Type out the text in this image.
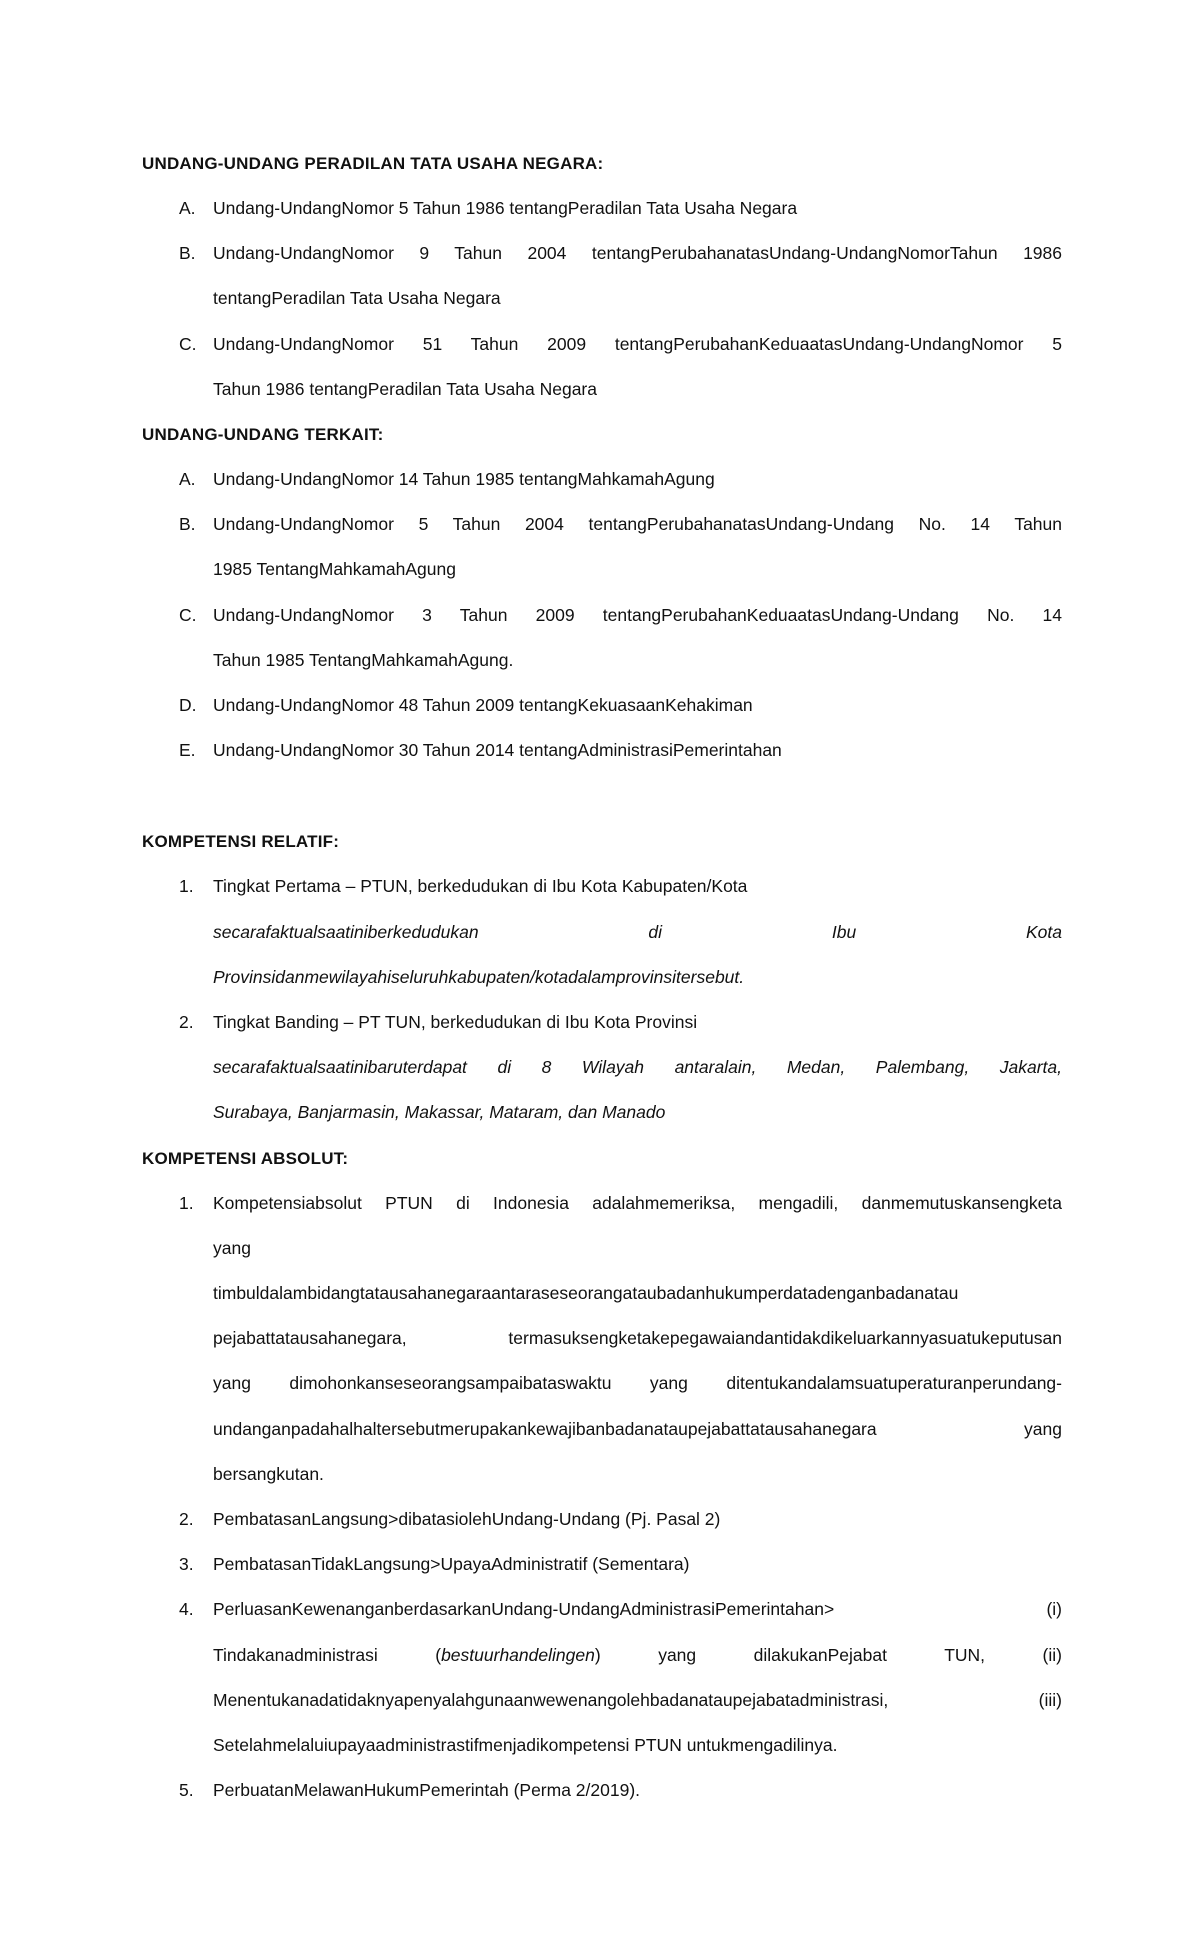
UNDANG-UNDANG PERADILAN TATA USAHA NEGARA:

A. Undang-UndangNomor 5 Tahun 1986 tentangPeradilan Tata Usaha Negara
B. Undang-UndangNomor 9 Tahun 2004 tentangPerubahanatasUndang-UndangNomorTahun 1986
tentangPeradilan Tata Usaha Negara
C. Undang-UndangNomor 51 Tahun 2009 tentangPerubahanKeduaatasUndang-UndangNomor 5
Tahun 1986 tentangPeradilan Tata Usaha Negara

UNDANG-UNDANG TERKAIT:

A. Undang-UndangNomor 14 Tahun 1985 tentangMahkamahAgung
B. Undang-UndangNomor 5 Tahun 2004 tentangPerubahanatasUndang-Undang No. 14 Tahun
1985 TentangMahkamahAgung
C. Undang-UndangNomor 3 Tahun 2009 tentangPerubahanKeduaatasUndang-Undang No. 14
Tahun 1985 TentangMahkamahAgung.
D. Undang-UndangNomor 48 Tahun 2009 tentangKekuasaanKehakiman
E. Undang-UndangNomor 30 Tahun 2014 tentangAdministrasiPemerintahan

KOMPETENSI RELATIF:

1. Tingkat Pertama – PTUN, berkedudukan di Ibu Kota Kabupaten/Kota
secarafaktualsaatiniberkedudukan di Ibu Kota
Provinsidanmewilayahiseluruhkabupaten/kotadalamprovinsitersebut.
2. Tingkat Banding – PT TUN, berkedudukan di Ibu Kota Provinsi
secarafaktualsaatinibaruterdapat di 8 Wilayah antaralain, Medan, Palembang, Jakarta,
Surabaya, Banjarmasin, Makassar, Mataram, dan Manado

KOMPETENSI ABSOLUT:

1. Kompetensiabsolut PTUN di Indonesia adalahmemeriksa, mengadili, danmemutuskansengketa
yang
timbuldalambidangtatausahanegaraantaraseseorangataubadanhukumperdatadenganbadanatau
pejabattatausahanegara, termasuksengketakepegawaiandantidakdikeluarkannyasuatukeputusan
yang dimohonkanseseorangsampaibataswaktu yang ditentukandalamsuatuperaturanperundang-
undanganpadahalhaltersebutmerupakankewajibanbadanataupejabattatausahanegara yang
bersangkutan.
2. PembatasanLangsung>dibatasiolehUndang-Undang (Pj. Pasal 2)
3. PembatasanTidakLangsung>UpayaAdministratif (Sementara)
4. PerluasanKewenanganberdasarkanUndang-UndangAdministrasiPemerintahan> (i)
Tindakanadministrasi (bestuurhandelingen) yang dilakukanPejabat TUN, (ii)
Menentukanadatidaknyapenyalahgunaanwewenangolehbadanataupejabatadministrasi, (iii)
Setelahmelaluiupayaadministrastifmenjadikompetensi PTUN untukmengadilinya.
5. PerbuatanMelawanHukumPemerintah (Perma 2/2019).
